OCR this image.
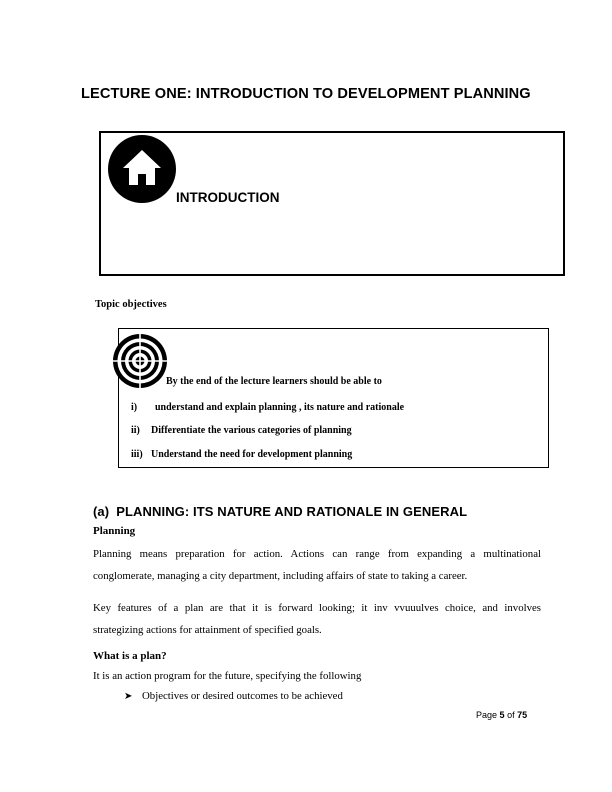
LECTURE ONE: INTRODUCTION TO DEVELOPMENT PLANNING
INTRODUCTION
Topic objectives
By the end of the lecture learners should be able to
i) understand and explain planning , its nature and rationale
ii) Differentiate the various categories of planning
iii) Understand the need for development planning
(a) PLANNING: ITS NATURE AND RATIONALE IN GENERAL
Planning
Planning means preparation for action. Actions can range from expanding a multinational
conglomerate, managing a city department, including affairs of state to taking a career.
Key features of a plan are that it is forward looking; it inv vvuuulves choice, and involves
strategizing actions for attainment of specified goals.
What is a plan?
It is an action program for the future, specifying the following
➤ Objectives or desired outcomes to be achieved
Page 5 of 75
